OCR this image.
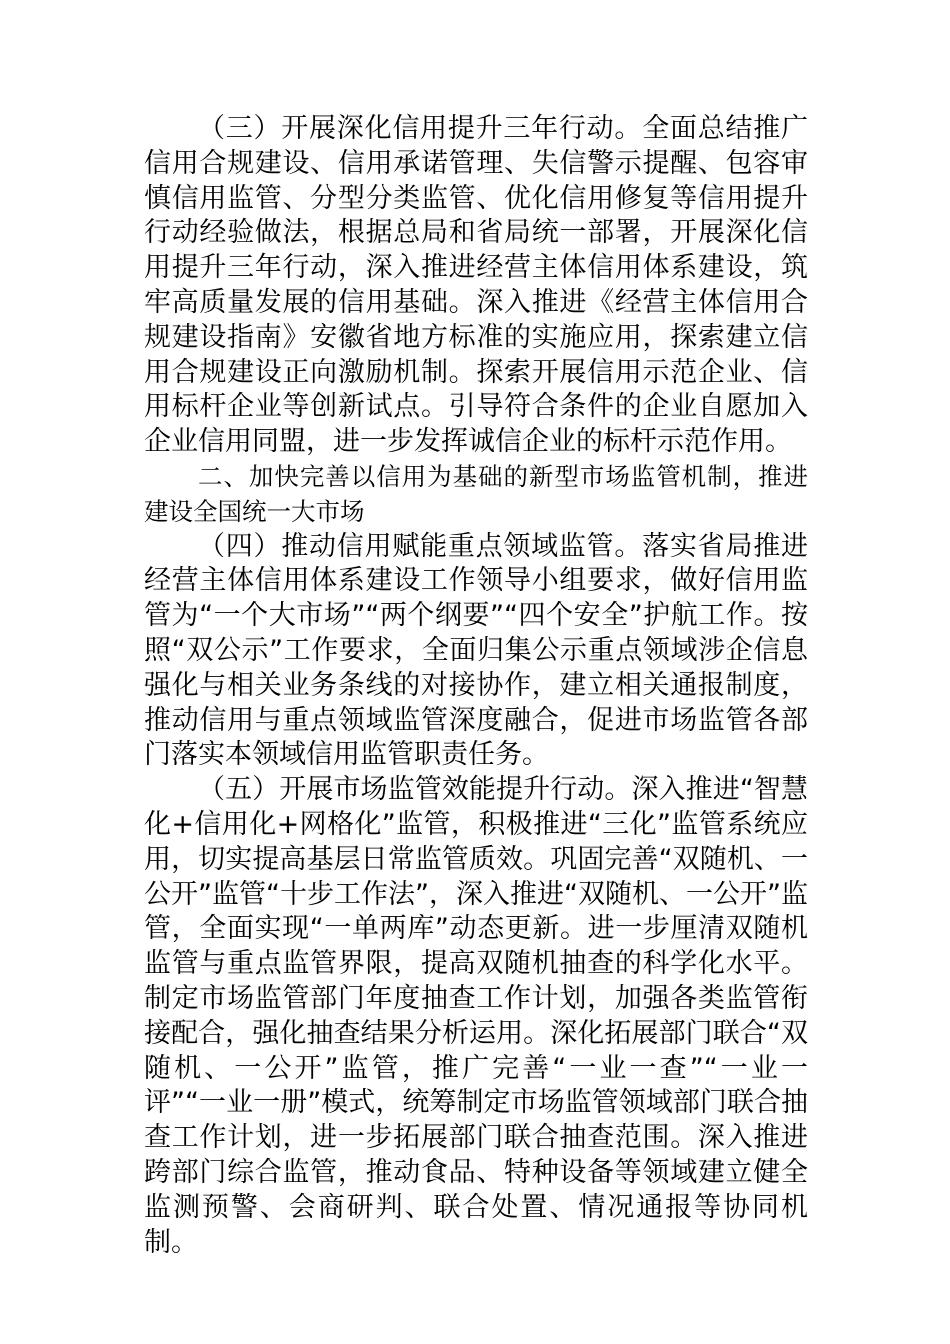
（三）开展深化信用提升三年行动。全面总结推广信用合规建设、信用承诺管理、失信警示提醒、包容审慎信用监管、分型分类监管、优化信用修复等信用提升行动经验做法，根据总局和省局统一部署，开展深化信用提升三年行动，深入推进经营主体信用体系建设，筑牢高质量发展的信用基础。深入推进《经营主体信用合规建设指南》安徽省地方标准的实施应用，探索建立信用合规建设正向激励机制。探索开展信用示范企业、信用标杆企业等创新试点。引导符合条件的企业自愿加入企业信用同盟，进一步发挥诚信企业的标杆示范作用。

二、加快完善以信用为基础的新型市场监管机制，推进建设全国统一大市场

（四）推动信用赋能重点领域监管。落实省局推进经营主体信用体系建设工作领导小组要求，做好信用监管为“一个大市场”“两个纲要”“四个安全”护航工作。按照“双公示”工作要求，全面归集公示重点领域涉企信息强化与相关业务条线的对接协作，建立相关通报制度，推动信用与重点领域监管深度融合，促进市场监管各部门落实本领域信用监管职责任务。

（五）开展市场监管效能提升行动。深入推进“智慧化+信用化+网格化”监管，积极推进“三化”监管系统应用，切实提高基层日常监管质效。巩固完善“双随机、一公开”监管“十步工作法”，深入推进“双随机、一公开”监管，全面实现“一单两库”动态更新。进一步厘清双随机监管与重点监管界限，提高双随机抽查的科学化水平。制定市场监管部门年度抽查工作计划，加强各类监管衔接配合，强化抽查结果分析运用。深化拓展部门联合“双随机、一公开”监管，推广完善“一业一查”“一业一评”“一业一册”模式，统筹制定市场监管领域部门联合抽查工作计划，进一步拓展部门联合抽查范围。深入推进跨部门综合监管，推动食品、特种设备等领域建立健全监测预警、会商研判、联合处置、情况通报等协同机制。
